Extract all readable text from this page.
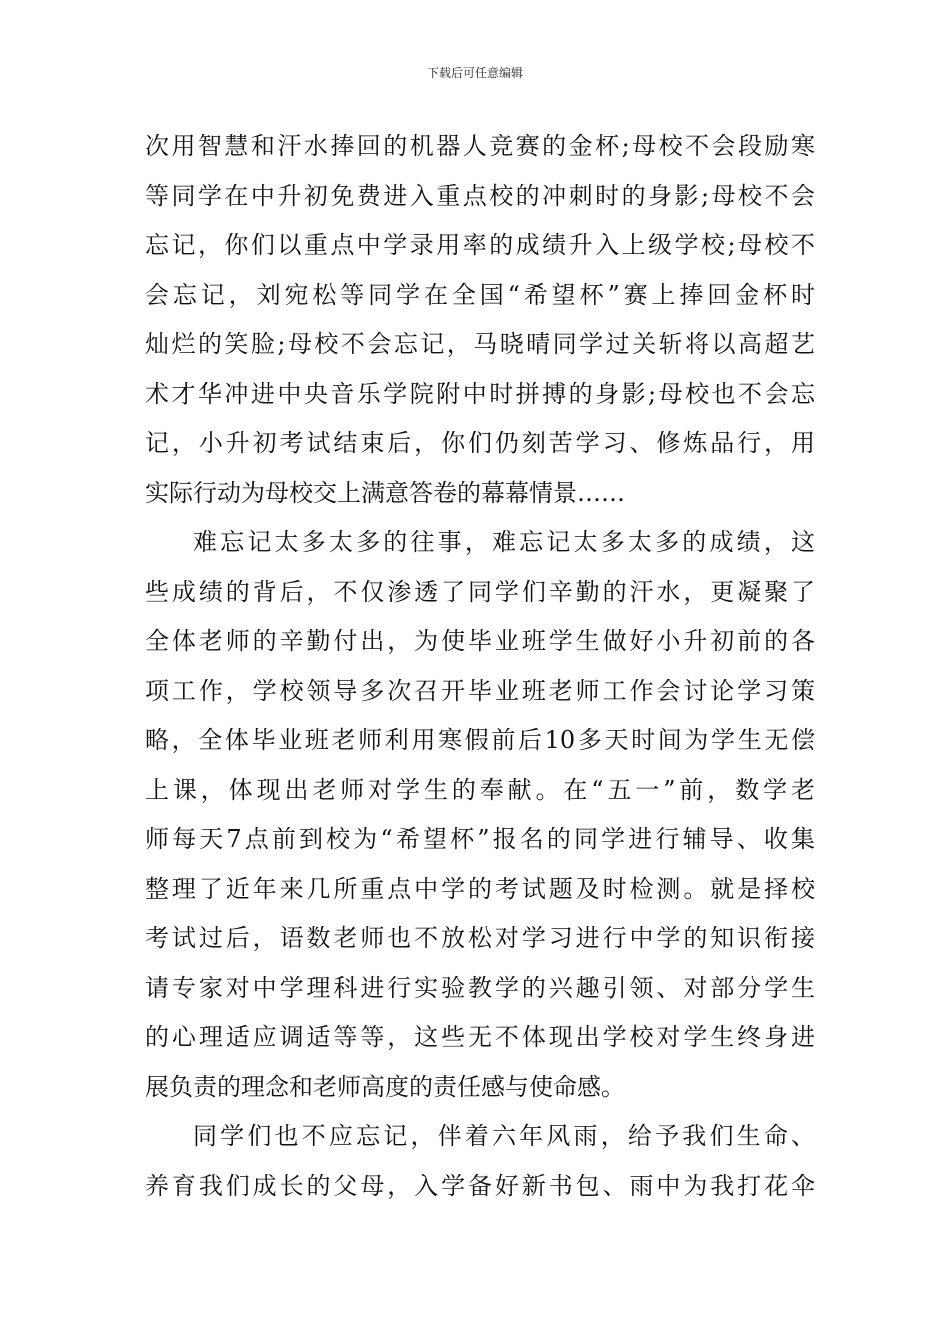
下载后可任意编辑
次用智慧和汗水捧回的机器人竞赛的金杯;母校不会段励寒
等同学在中升初免费进入重点校的冲刺时的身影;母校不会
忘记，你们以重点中学录用率的成绩升入上级学校;母校不
会忘记，刘宛松等同学在全国“希望杯”赛上捧回金杯时
灿烂的笑脸;母校不会忘记，马晓晴同学过关斩将以高超艺
术才华冲进中央音乐学院附中时拼搏的身影;母校也不会忘
记，小升初考试结束后，你们仍刻苦学习、修炼品行，用
实际行动为母校交上满意答卷的幕幕情景……
难忘记太多太多的往事，难忘记太多太多的成绩，这
些成绩的背后，不仅渗透了同学们辛勤的汗水，更凝聚了
全体老师的辛勤付出，为使毕业班学生做好小升初前的各
项工作，学校领导多次召开毕业班老师工作会讨论学习策
略，全体毕业班老师利用寒假前后10多天时间为学生无偿
上课，体现出老师对学生的奉献。在“五一”前，数学老
师每天7点前到校为“希望杯”报名的同学进行辅导、收集
整理了近年来几所重点中学的考试题及时检测。就是择校
考试过后，语数老师也不放松对学习进行中学的知识衔接
请专家对中学理科进行实验教学的兴趣引领、对部分学生
的心理适应调适等等，这些无不体现出学校对学生终身进
展负责的理念和老师高度的责任感与使命感。
同学们也不应忘记，伴着六年风雨，给予我们生命、
养育我们成长的父母，入学备好新书包、雨中为我打花伞
